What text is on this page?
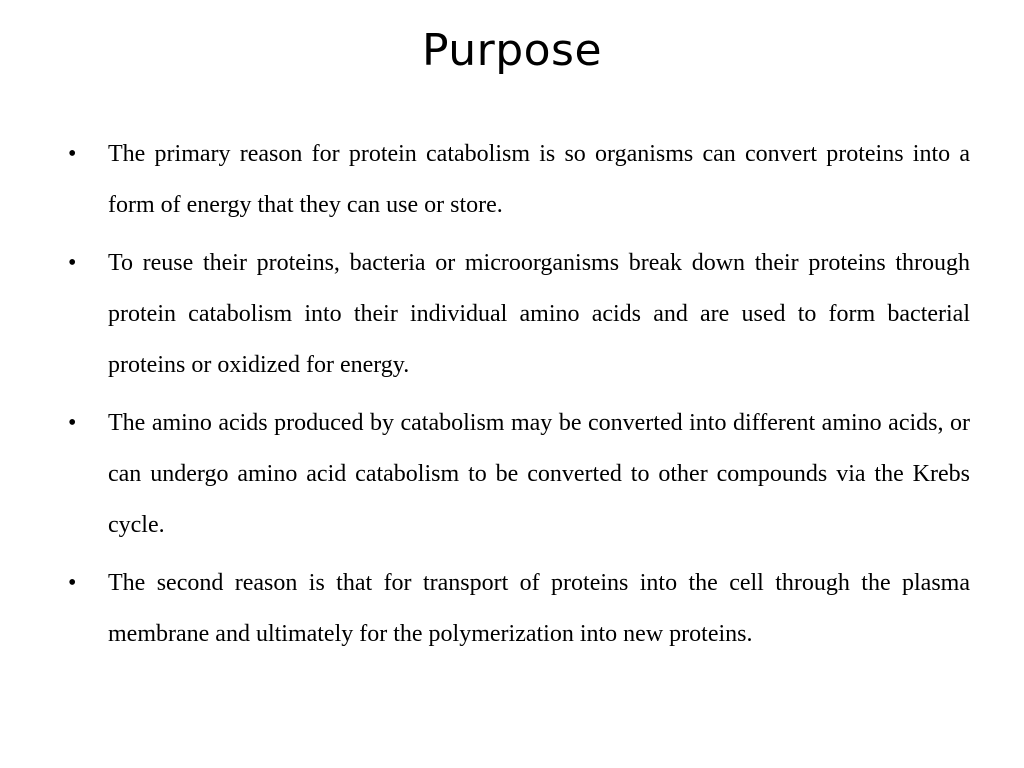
Purpose
• The primary reason for protein catabolism is so organisms can convert proteins into a form of energy that they can use or store.
• To reuse their proteins, bacteria or microorganisms break down their proteins through protein catabolism into their individual amino acids and are used to form bacterial proteins or oxidized for energy.
• The amino acids produced by catabolism may be converted into different amino acids, or can undergo amino acid catabolism to be converted to other compounds via the Krebs cycle.
• The second reason is that for transport of proteins into the cell through the plasma membrane and ultimately for the polymerization into new proteins.
